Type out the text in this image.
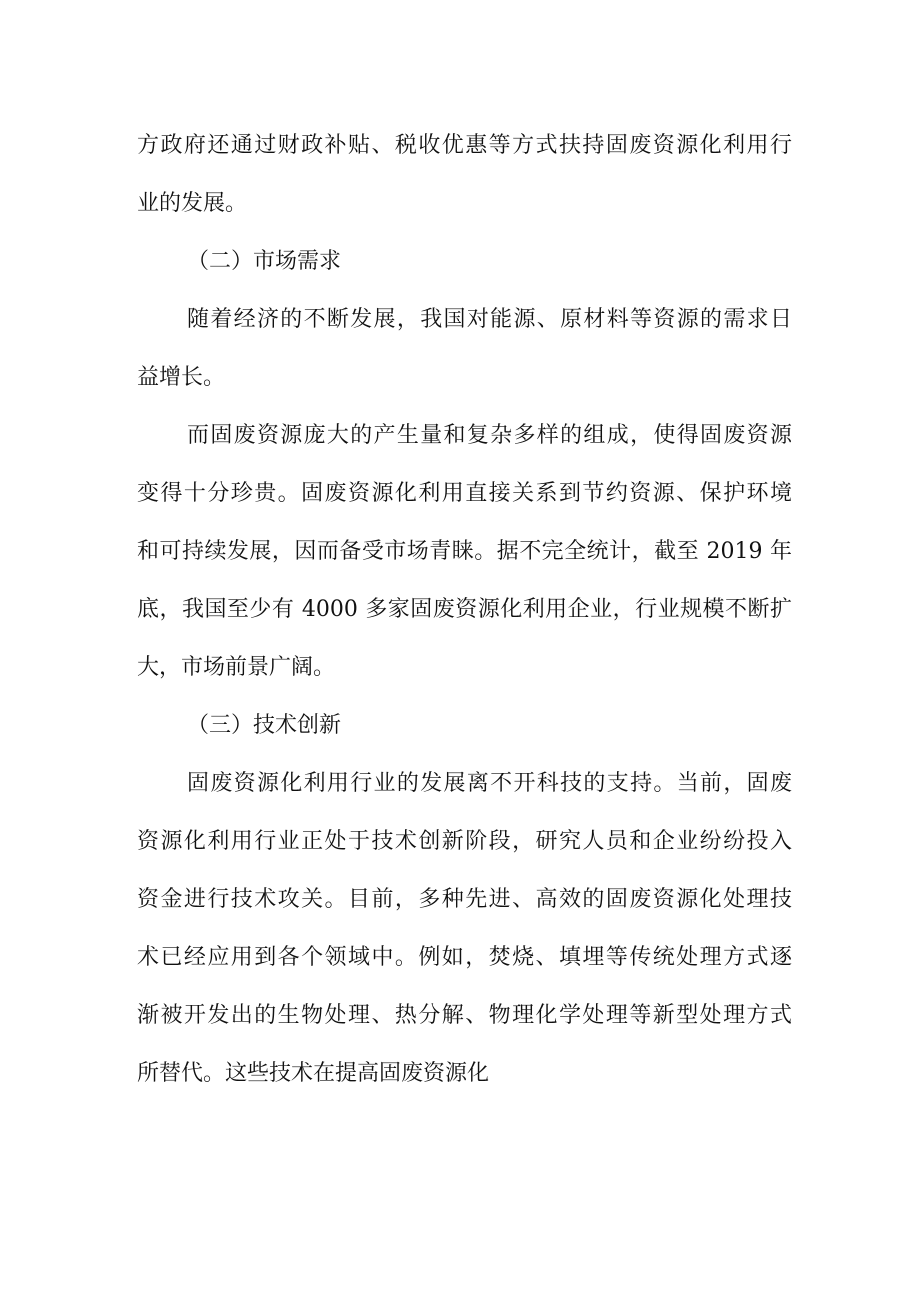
方政府还通过财政补贴、税收优惠等方式扶持固废资源化利用行
业的发展。
（二）市场需求
随着经济的不断发展，我国对能源、原材料等资源的需求日
益增长。
而固废资源庞大的产生量和复杂多样的组成，使得固废资源
变得十分珍贵。固废资源化利用直接关系到节约资源、保护环境
和可持续发展，因而备受市场青睐。据不完全统计，截至 2019 年
底，我国至少有 4000 多家固废资源化利用企业，行业规模不断扩
大，市场前景广阔。
（三）技术创新
固废资源化利用行业的发展离不开科技的支持。当前，固废
资源化利用行业正处于技术创新阶段，研究人员和企业纷纷投入
资金进行技术攻关。目前，多种先进、高效的固废资源化处理技
术已经应用到各个领域中。例如，焚烧、填埋等传统处理方式逐
渐被开发出的生物处理、热分解、物理化学处理等新型处理方式
所替代。这些技术在提高固废资源化
